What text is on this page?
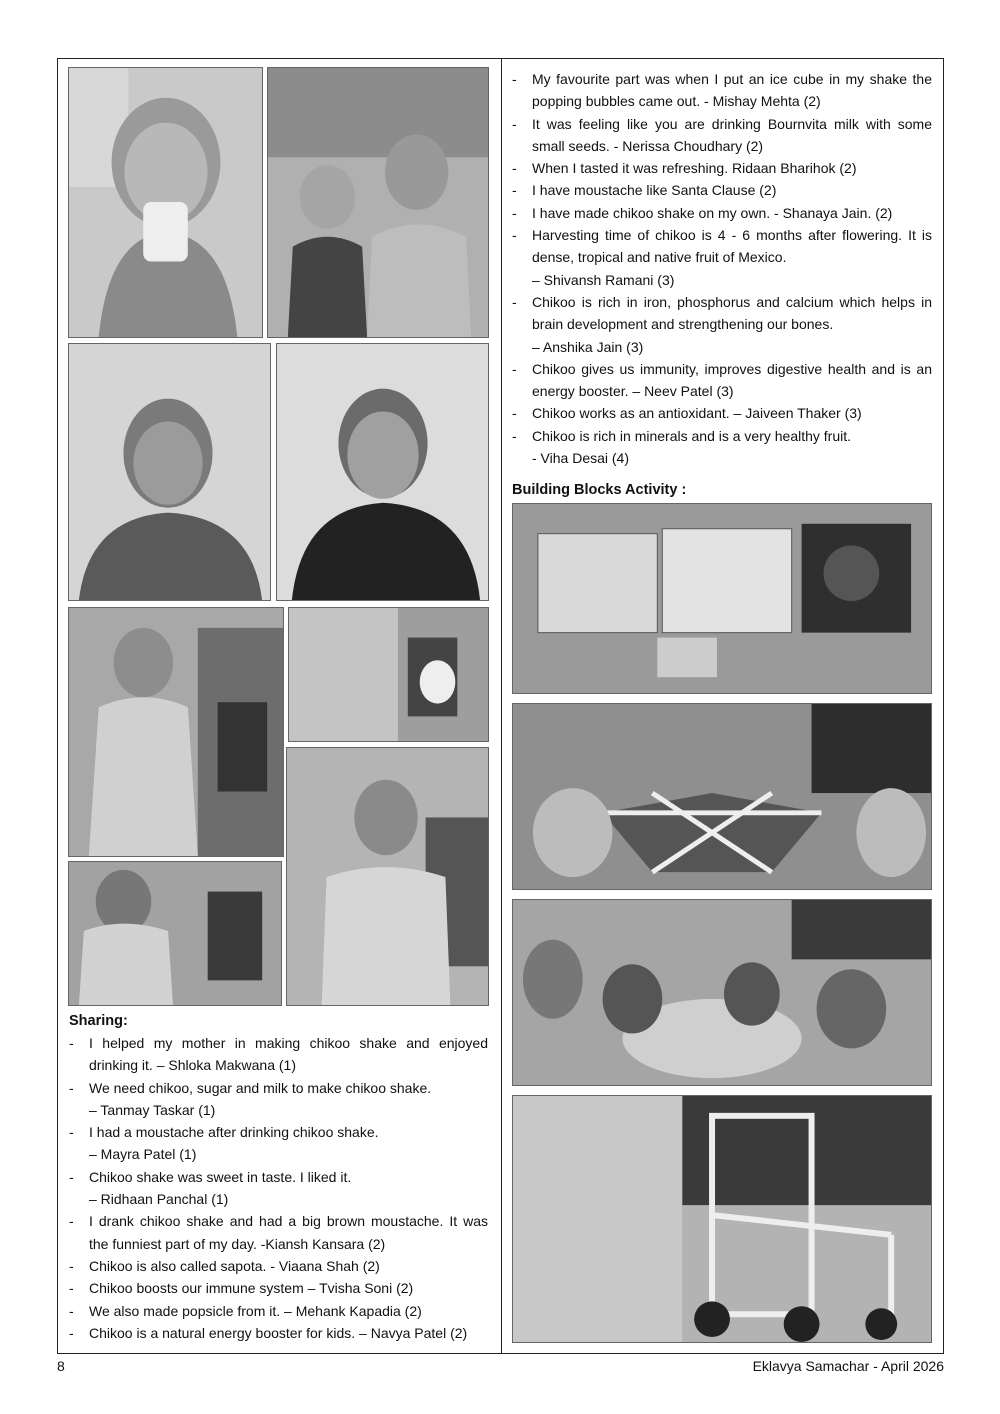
Sharing:
- I helped my mother in making chikoo shake and enjoyed drinking it. – Shloka Makwana (1)
- We need chikoo, sugar and milk to make chikoo shake.
– Tanmay Taskar (1)
- I had a moustache after drinking chikoo shake.
– Mayra Patel (1)
- Chikoo shake was sweet in taste. I liked it.
– Ridhaan Panchal (1)
- I drank chikoo shake and had a big brown moustache. It was the funniest part of my day. -Kiansh Kansara (2)
- Chikoo is also called sapota. - Viaana Shah (2)
- Chikoo boosts our immune system – Tvisha Soni (2)
- We also made popsicle from it. – Mehank Kapadia (2)
- Chikoo is a natural energy booster for kids. – Navya Patel (2)
- My favourite part was when I put an ice cube in my shake the popping bubbles came out. - Mishay Mehta (2)
- It was feeling like you are drinking Bournvita milk with some small seeds. - Nerissa Choudhary (2)
- When I tasted it was refreshing. Ridaan Bharihok (2)
- I have moustache like Santa Clause (2)
- I have made chikoo shake on my own. - Shanaya Jain. (2)
- Harvesting time of chikoo is 4 - 6 months after flowering. It is dense, tropical and native fruit of Mexico.
– Shivansh Ramani (3)
- Chikoo is rich in iron, phosphorus and calcium which helps in brain development and strengthening our bones.
– Anshika Jain (3)
- Chikoo gives us immunity, improves digestive health and is an energy booster. – Neev Patel (3)
- Chikoo works as an antioxidant. – Jaiveen Thaker (3)
- Chikoo is rich in minerals and is a very healthy fruit.
- Viha Desai (4)
Building Blocks Activity :
8	Eklavya Samachar - April 2026
